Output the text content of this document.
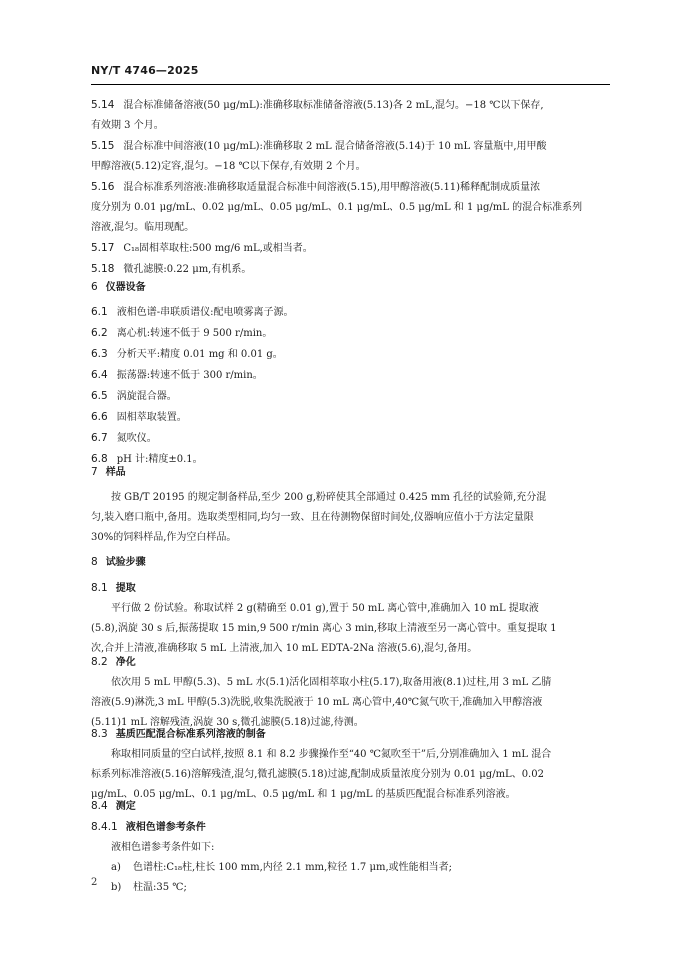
NY/T 4746—2025
5.14 混合标准储备溶液(50 μg/mL):准确移取标准储备溶液(5.13)各 2 mL,混匀。−18 ℃以下保存,
有效期 3 个月。
5.15 混合标准中间溶液(10 μg/mL):准确移取 2 mL 混合储备溶液(5.14)于 10 mL 容量瓶中,用甲酸
甲醇溶液(5.12)定容,混匀。−18 ℃以下保存,有效期 2 个月。
5.16 混合标准系列溶液:准确移取适量混合标准中间溶液(5.15),用甲醇溶液(5.11)稀释配制成质量浓
度分别为 0.01 μg/mL、0.02 μg/mL、0.05 μg/mL、0.1 μg/mL、0.5 μg/mL 和 1 μg/mL 的混合标准系列
溶液,混匀。临用现配。
5.17 C₁₈固相萃取柱:500 mg/6 mL,或相当者。
5.18 微孔滤膜:0.22 μm,有机系。
6 仪器设备
6.1 液相色谱-串联质谱仪:配电喷雾离子源。
6.2 离心机:转速不低于 9 500 r/min。
6.3 分析天平:精度 0.01 mg 和 0.01 g。
6.4 振荡器:转速不低于 300 r/min。
6.5 涡旋混合器。
6.6 固相萃取装置。
6.7 氮吹仪。
6.8 pH 计:精度±0.1。
7 样品
按 GB/T 20195 的规定制备样品,至少 200 g,粉碎使其全部通过 0.425 mm 孔径的试验筛,充分混
匀,装入磨口瓶中,备用。选取类型相同,均匀一致、且在待测物保留时间处,仪器响应值小于方法定量限
30%的饲料样品,作为空白样品。
8 试验步骤
8.1 提取
平行做 2 份试验。称取试样 2 g(精确至 0.01 g),置于 50 mL 离心管中,准确加入 10 mL 提取液
(5.8),涡旋 30 s 后,振荡提取 15 min,9 500 r/min 离心 3 min,移取上清液至另一离心管中。重复提取 1
次,合并上清液,准确移取 5 mL 上清液,加入 10 mL EDTA-2Na 溶液(5.6),混匀,备用。
8.2 净化
依次用 5 mL 甲醇(5.3)、5 mL 水(5.1)活化固相萃取小柱(5.17),取备用液(8.1)过柱,用 3 mL 乙腈
溶液(5.9)淋洗,3 mL 甲醇(5.3)洗脱,收集洗脱液于 10 mL 离心管中,40℃氮气吹干,准确加入甲醇溶液
(5.11)1 mL 溶解残渣,涡旋 30 s,微孔滤膜(5.18)过滤,待测。
8.3 基质匹配混合标准系列溶液的制备
称取相同质量的空白试样,按照 8.1 和 8.2 步骤操作至“40 ℃氮吹至干”后,分别准确加入 1 mL 混合
标系列标准溶液(5.16)溶解残渣,混匀,微孔滤膜(5.18)过滤,配制成质量浓度分别为 0.01 μg/mL、0.02
μg/mL、0.05 μg/mL、0.1 μg/mL、0.5 μg/mL 和 1 μg/mL 的基质匹配混合标准系列溶液。
8.4 测定
8.4.1 液相色谱参考条件
液相色谱参考条件如下:
a) 色谱柱:C₁₈柱,柱长 100 mm,内径 2.1 mm,粒径 1.7 μm,或性能相当者;
b) 柱温:35 ℃;
2
